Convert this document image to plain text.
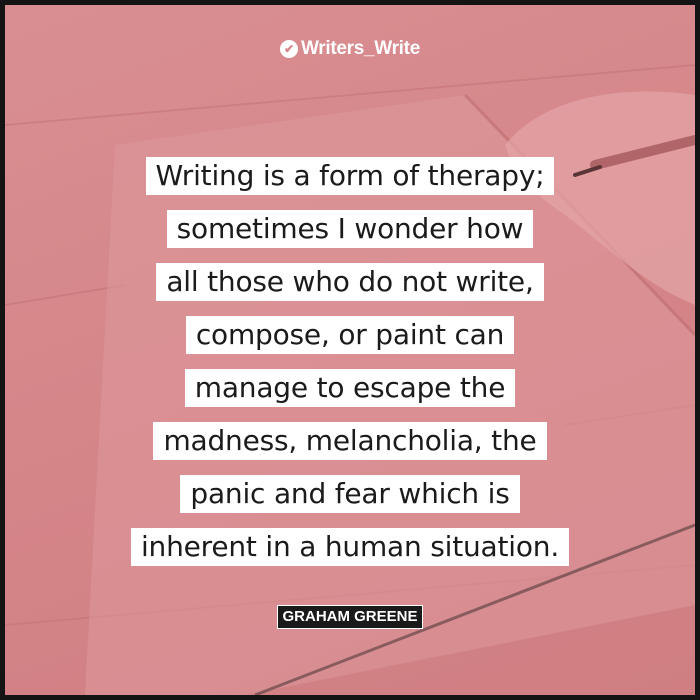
✔ Writers_Write
Writing is a form of therapy;
sometimes I wonder how
all those who do not write,
compose, or paint can
manage to escape the
madness, melancholia, the
panic and fear which is
inherent in a human situation.
GRAHAM GREENE
